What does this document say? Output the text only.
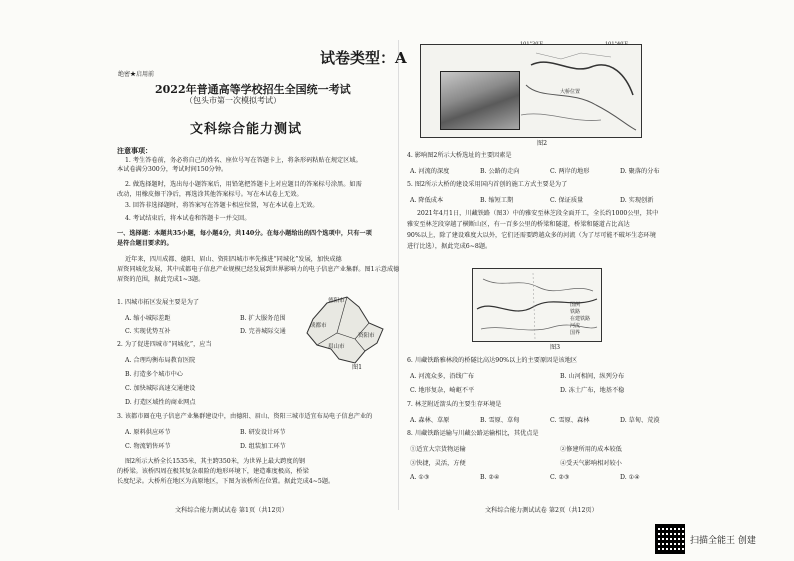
试卷类型：A
绝密★启用前
2022年普通高等学校招生全国统一考试
（包头市第一次模拟考试）
文科综合能力测试
注意事项：
1. 考生答卷前，务必将自己的姓名、座位号写在答题卡上，将条形码粘贴在规定区域。
本试卷满分300分，考试时间150分钟。
2. 做选择题时，选出每小题答案后，用铅笔把答题卡上对应题目的答案标号涂黑。如需
改动，用橡皮擦干净后，再选涂其他答案标号。写在本试卷上无效。
3. 回答非选择题时，将答案写在答题卡相应位置，写在本试卷上无效。
4. 考试结束后，将本试卷和答题卡一并交回。
一、选择题：本题共35小题，每小题4分，共140分。在每小题给出的四个选项中，只有一项
是符合题目要求的。
近年来，四川成都、德阳、眉山、资阳四城市率先推进“同城化”发展，加快成德
眉资同城化发展，其中成都电子信息产业规模已经发展到世界影响力的电子信息产业集群。图1示意成德
眉资的范围，据此完成1~3题。
德阳市
成都市
资阳市
眉山市
图1
1. 四城市拓区发展主要是为了
A. 缩小城际差距	B. 扩大服务范围
C. 实现优势互补	D. 完善城际交通
2. 为了促进四城市“同城化”，应当
A. 合理均衡布局教育医院
B. 打造多个城市中心
C. 加快城际高速交通建设
D. 打造区域性的商业网点
3. 该都市圈在电子信息产业集群建设中，由德阳、眉山、资阳三城市适宜布局电子信息产业的
A. 原料供应环节	B. 研发设计环节
C. 物流销售环节	D. 组装加工环节
图2所示大桥全长1535米，其主跨350米，为世界上最大跨度的钢
的桥梁。该桥四周在极其复杂艰险的地形环境下，建造难度极高，桥梁
长度纪录。大桥所在地区为高原地区，下图为该桥所在位置。据此完成4~5题。
文科综合能力测试试卷 第1页（共12页）
101°30′E	101°40′E
大桥位置
图2
4. 影响图2所示大桥选址的主要因素是
A. 河流的深度	B. 公路的走向	C. 两岸的地形	D. 聚落的分布
5. 图2所示大桥的建设采用国内首创的施工方式主要是为了
A. 降低成本	B. 缩短工期	C. 保证质量	D. 实现创新
2021年4月1日，川藏铁路（图3）中的雅安至林芝段全面开工，全长约1000公里，其中
雅安至林芝段穿越了横断山区，有一百多公里的桥梁和隧道，桥梁和隧道占比高达
90%以上，除了建设难度大以外，它们还需要跨越众多的河流（为了尽可能不破坏生态环境
进行比选），据此完成6~8题。
图例
铁路
在建铁路
河流
国界
图3
6. 川藏铁路雅林段的桥隧比高达90%以上的主要原因是该地区
A. 河流众多，沿线广布	B. 山河相间，纵列分布
C. 地形复杂，崎岖不平	D. 冻土广布，地基不稳
7. 林芝附近箭头的主要生存环境是
A. 森林、草原	B. 雪原、草甸	C. 雪原、森林	D. 草甸、荒漠
8. 川藏铁路运输与川藏公路运输相比，其优点是
①适宜大宗货物运输	②修建所用的成本较低
③快捷，灵活，方便	④受天气影响相对较小
A. ①③	B. ②④	C. ②③	D. ①④
文科综合能力测试试卷 第2页（共12页）
扫描全能王 创建
